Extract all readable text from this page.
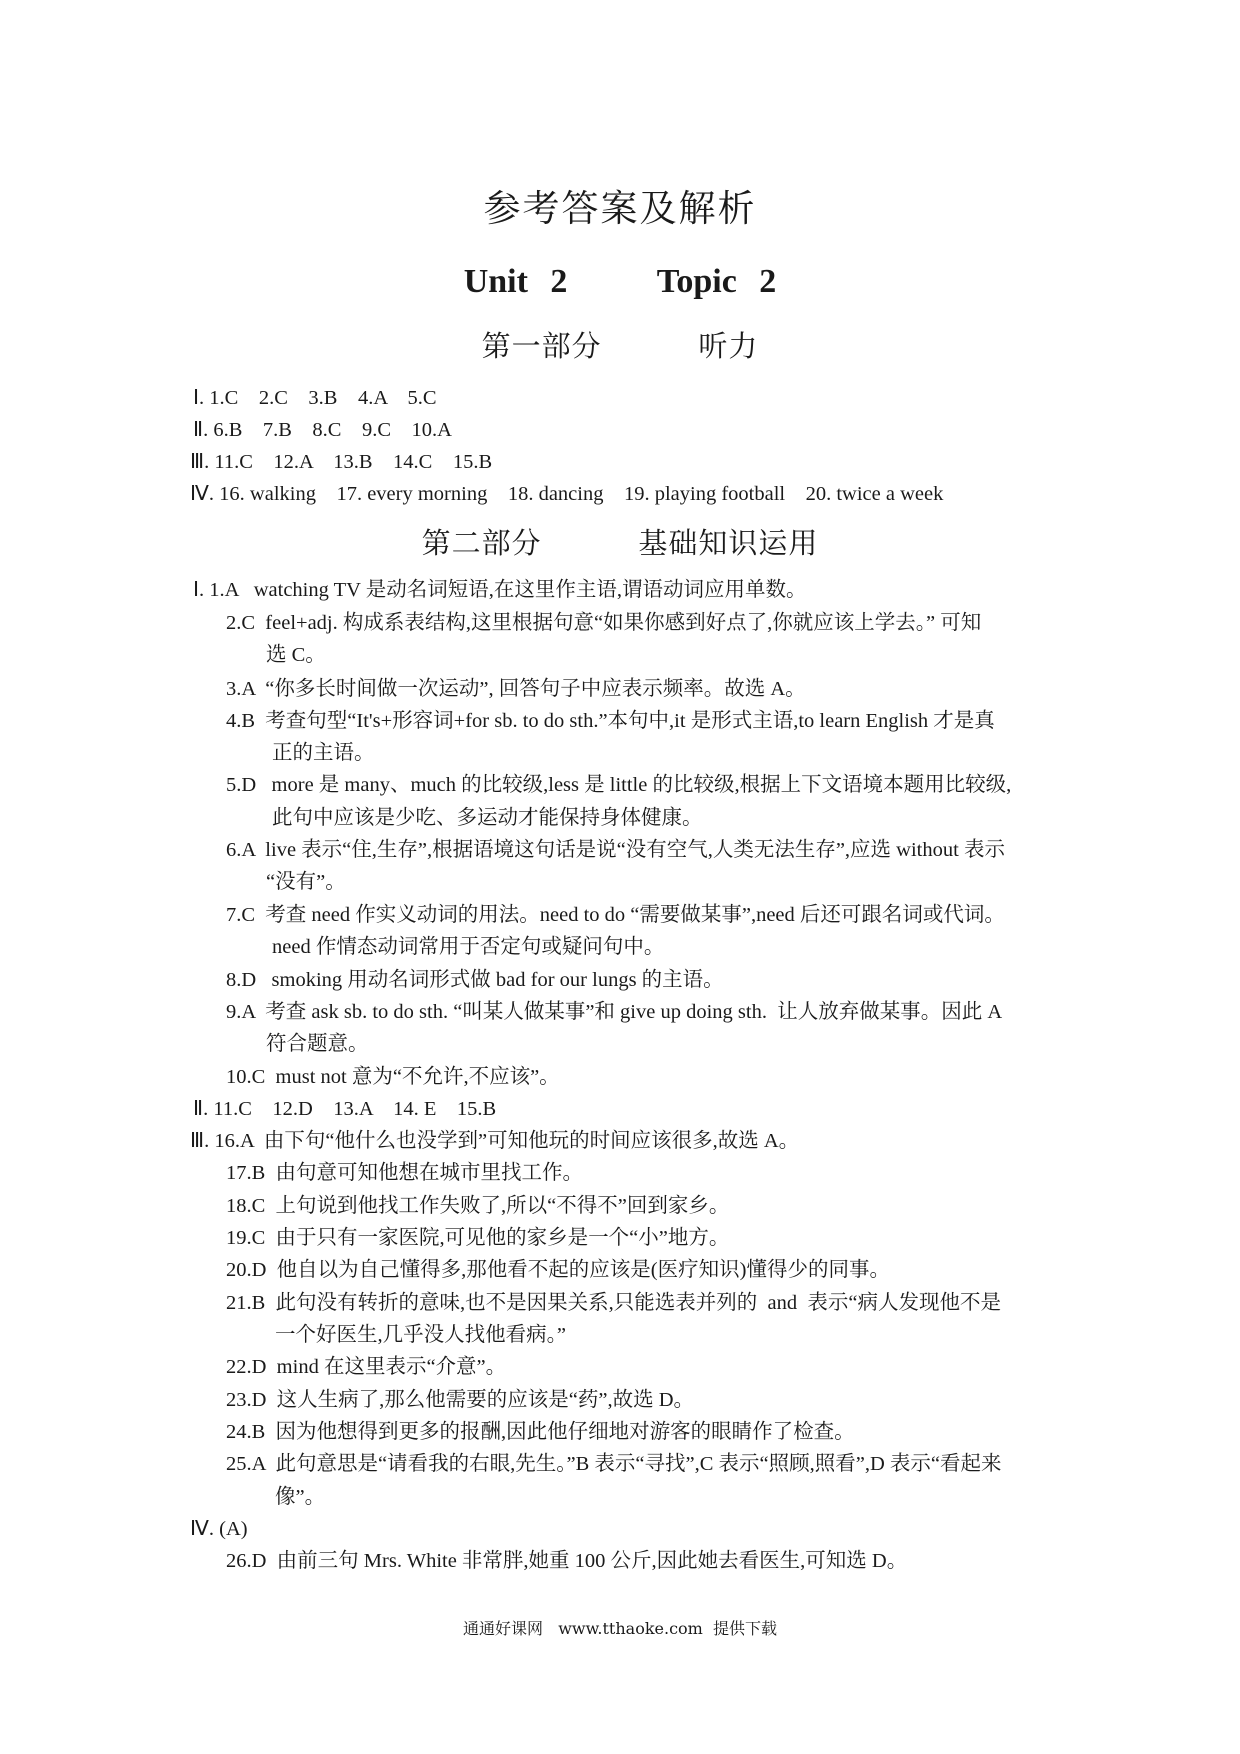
参考答案及解析
Unit 2    Topic 2
第一部分    听力
Ⅰ. 1.C    2.C    3.B    4.A    5.C
Ⅱ. 6.B    7.B    8.C    9.C    10.A
Ⅲ. 11.C    12.A    13.B    14.C    15.B
Ⅳ. 16. walking    17. every morning    18. dancing    19. playing football    20. twice a week
第二部分    基础知识运用
Ⅰ. 1.A   watching TV 是动名词短语,在这里作主语,谓语动词应用单数。
2.C  feel+adj. 构成系表结构,这里根据句意“如果你感到好点了,你就应该上学去。” 可知
选 C。
3.A  “你多长时间做一次运动”, 回答句子中应表示频率。故选 A。
4.B  考查句型“It's+形容词+for sb. to do sth.”本句中,it 是形式主语,to learn English 才是真
正的主语。
5.D   more 是 many、much 的比较级,less 是 little 的比较级,根据上下文语境本题用比较级,
此句中应该是少吃、多运动才能保持身体健康。
6.A  live 表示“住,生存”,根据语境这句话是说“没有空气,人类无法生存”,应选 without 表示
“没有”。
7.C  考查 need 作实义动词的用法。need to do “需要做某事”,need 后还可跟名词或代词。
need 作情态动词常用于否定句或疑问句中。
8.D   smoking 用动名词形式做 bad for our lungs 的主语。
9.A  考查 ask sb. to do sth. “叫某人做某事”和 give up doing sth.  让人放弃做某事。因此 A
符合题意。
10.C  must not 意为“不允许,不应该”。
Ⅱ. 11.C    12.D    13.A    14. E    15.B
Ⅲ. 16.A  由下句“他什么也没学到”可知他玩的时间应该很多,故选 A。
17.B  由句意可知他想在城市里找工作。
18.C  上句说到他找工作失败了,所以“不得不”回到家乡。
19.C  由于只有一家医院,可见他的家乡是一个“小”地方。
20.D  他自以为自己懂得多,那他看不起的应该是(医疗知识)懂得少的同事。
21.B  此句没有转折的意味,也不是因果关系,只能选表并列的  and  表示“病人发现他不是
一个好医生,几乎没人找他看病。”
22.D  mind 在这里表示“介意”。
23.D  这人生病了,那么他需要的应该是“药”,故选 D。
24.B  因为他想得到更多的报酬,因此他仔细地对游客的眼睛作了检查。
25.A  此句意思是“请看我的右眼,先生。”B 表示“寻找”,C 表示“照顾,照看”,D 表示“看起来
像”。
Ⅳ. (A)
26.D  由前三句 Mrs. White 非常胖,她重 100 公斤,因此她去看医生,可知选 D。
通通好课网   www.tthaoke.com  提供下载
